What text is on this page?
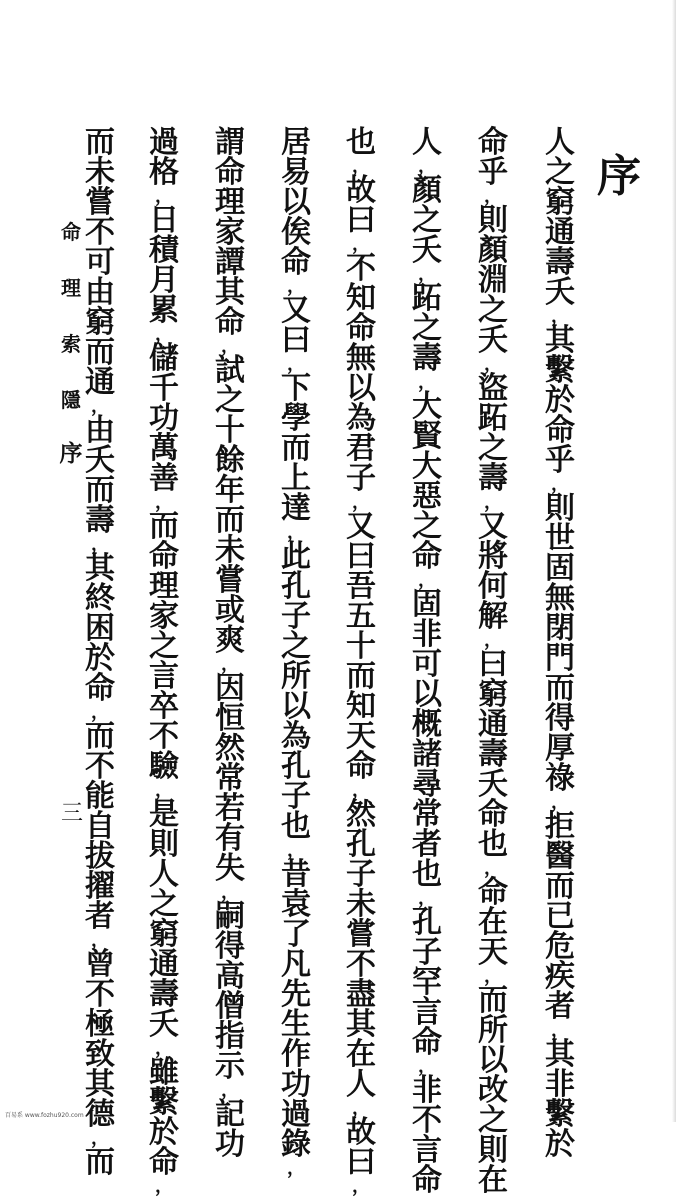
序
人
之
窮
通
壽
夭
，
其
繫
於
命
乎
，
則
世
固
無
閉
門
而
得
厚
祿
，
拒
醫
而
已
危
疾
者
，
其
非
繫
於
命
乎
，
則
顏
淵
之
夭
，
盜
跖
之
壽
，
又
將
何
解
，
曰
窮
通
壽
夭
命
也
，
命
在
天
，
而
所
以
改
之
則
在
人
，
顏
之
夭
，
跖
之
壽
，
大
賢
大
惡
之
命
，
固
非
可
以
概
諸
尋
常
者
也
，
孔
子
罕
言
命
，
非
不
言
命
也
，
故
曰
，
不
知
命
無
以
為
君
子
，
又
曰
吾
五
十
而
知
天
命
，
然
孔
子
未
嘗
不
盡
其
在
人
，
故
曰
，
居
易
以
俟
命
，
又
曰
，
下
學
而
上
達
，
此
孔
子
之
所
以
為
孔
子
也
，
昔
袁
了
凡
先
生
作
功
過
錄
，
謂
命
理
家
譚
其
命
，
試
之
十
餘
年
而
未
嘗
或
爽
，
因
恒
然
常
若
有
失
，
嗣
得
高
僧
指
示
，
記
功
過
格
，
日
積
月
累
，
儲
千
功
萬
善
，
而
命
理
家
之
言
卒
不
驗
，
是
則
人
之
窮
通
壽
夭
，
雖
繫
於
命
，
而
未
嘗
不
可
由
窮
而
通
，
由
夭
而
壽
，
其
終
困
於
命
，
而
不
能
自
拔
擢
者
，
曾
不
極
致
其
德
，
而
命
理
索
隱
序
三
百易系 www.fozhu920.com
